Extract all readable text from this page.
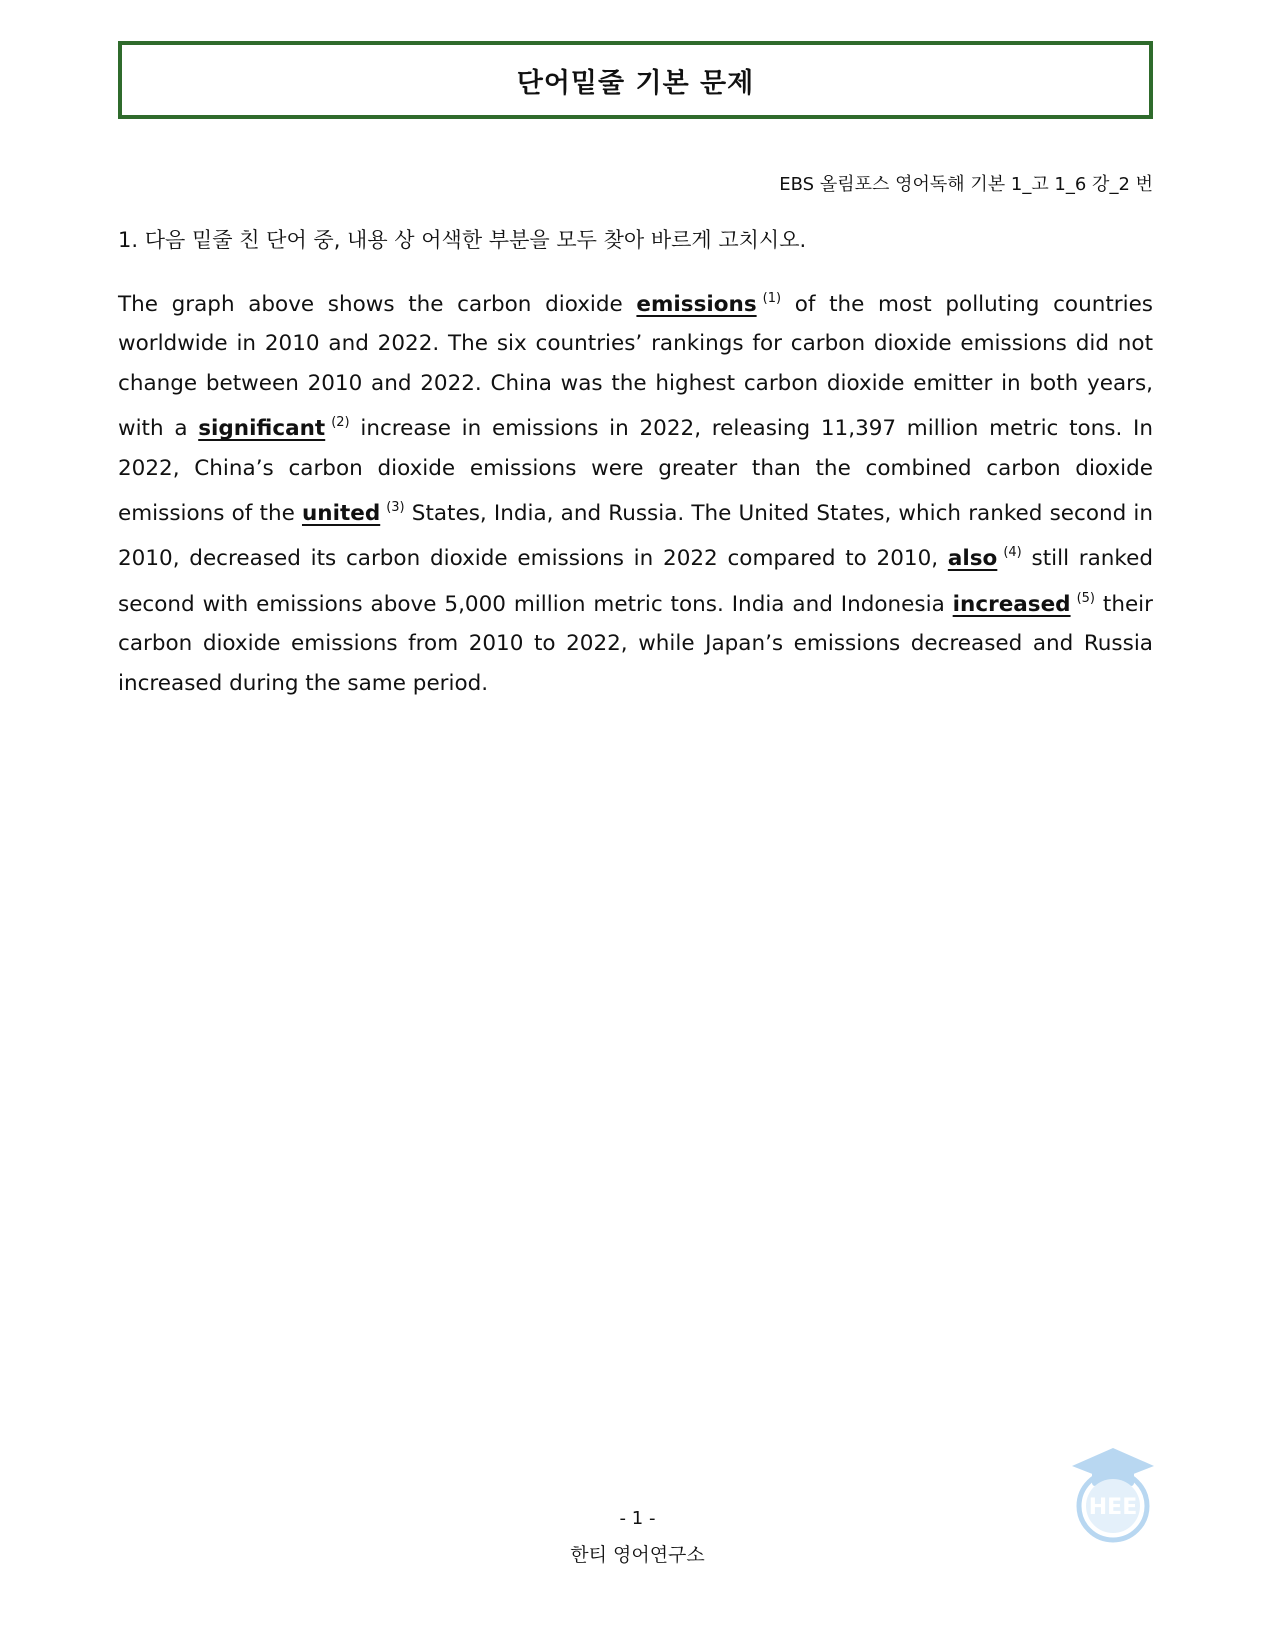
단어밑줄 기본 문제
EBS 올림포스 영어독해 기본 1_고 1_6 강_2 번
1. 다음 밑줄 친 단어 중, 내용 상 어색한 부분을 모두 찾아 바르게 고치시오.
The graph above shows the carbon dioxide emissions $^{(1)}$ of the most polluting countries worldwide in 2010 and 2022. The six countries’ rankings for carbon dioxide emissions did not change between 2010 and 2022. China was the highest carbon dioxide emitter in both years, with a significant $^{(2)}$ increase in emissions in 2022, releasing 11,397 million metric tons. In 2022, China’s carbon dioxide emissions were greater than the combined carbon dioxide emissions of the united $^{(3)}$ States, India, and Russia. The United States, which ranked second in 2010, decreased its carbon dioxide emissions in 2022 compared to 2010, also $^{(4)}$ still ranked second with emissions above 5,000 million metric tons. India and Indonesia increased $^{(5)}$ their carbon dioxide emissions from 2010 to 2022, while Japan’s emissions decreased and Russia increased during the same period.
- 1 -
한티 영어연구소
HEE
